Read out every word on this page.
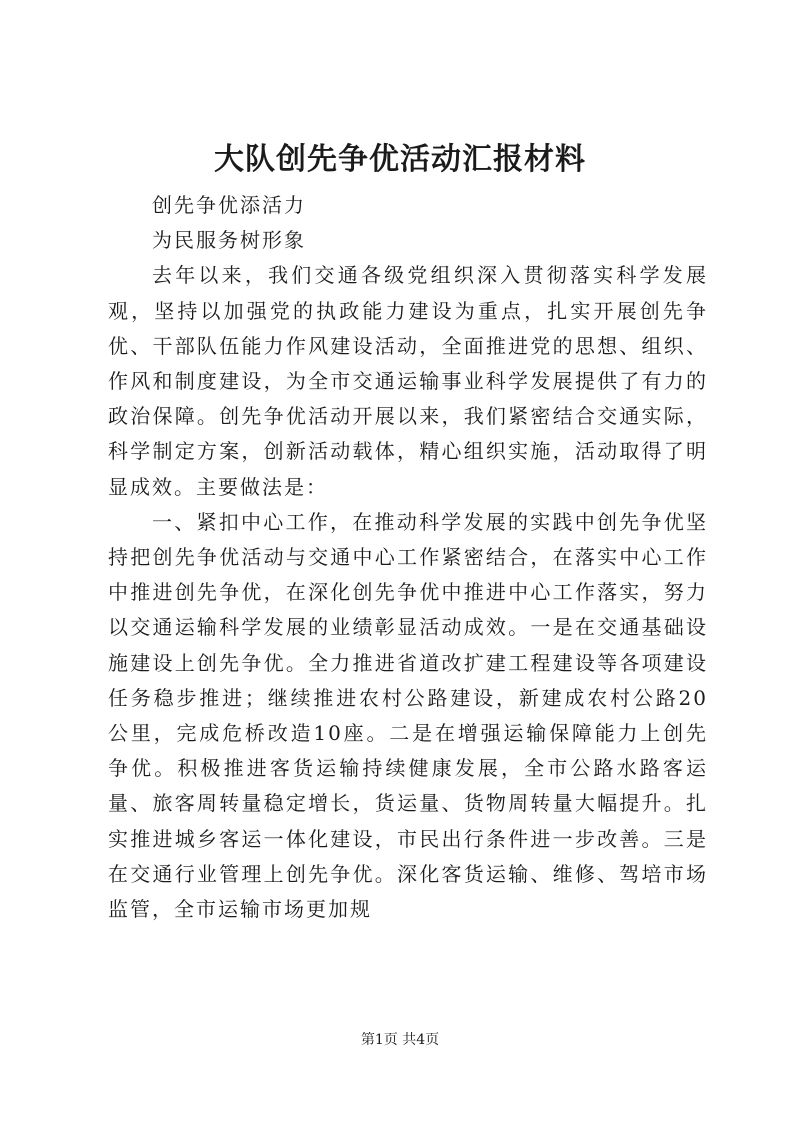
大队创先争优活动汇报材料

创先争优添活力

为民服务树形象

去年以来，我们交通各级党组织深入贯彻落实科学发展观，坚持以加强党的执政能力建设为重点，扎实开展创先争优、干部队伍能力作风建设活动，全面推进党的思想、组织、作风和制度建设，为全市交通运输事业科学发展提供了有力的政治保障。创先争优活动开展以来，我们紧密结合交通实际，科学制定方案，创新活动载体，精心组织实施，活动取得了明显成效。主要做法是：

一、紧扣中心工作，在推动科学发展的实践中创先争优坚持把创先争优活动与交通中心工作紧密结合，在落实中心工作中推进创先争优，在深化创先争优中推进中心工作落实，努力以交通运输科学发展的业绩彰显活动成效。一是在交通基础设施建设上创先争优。全力推进省道改扩建工程建设等各项建设任务稳步推进；继续推进农村公路建设，新建成农村公路20公里，完成危桥改造10座。二是在增强运输保障能力上创先争优。积极推进客货运输持续健康发展，全市公路水路客运量、旅客周转量稳定增长，货运量、货物周转量大幅提升。扎实推进城乡客运一体化建设，市民出行条件进一步改善。三是在交通行业管理上创先争优。深化客货运输、维修、驾培市场监管，全市运输市场更加规

第1页 共4页
